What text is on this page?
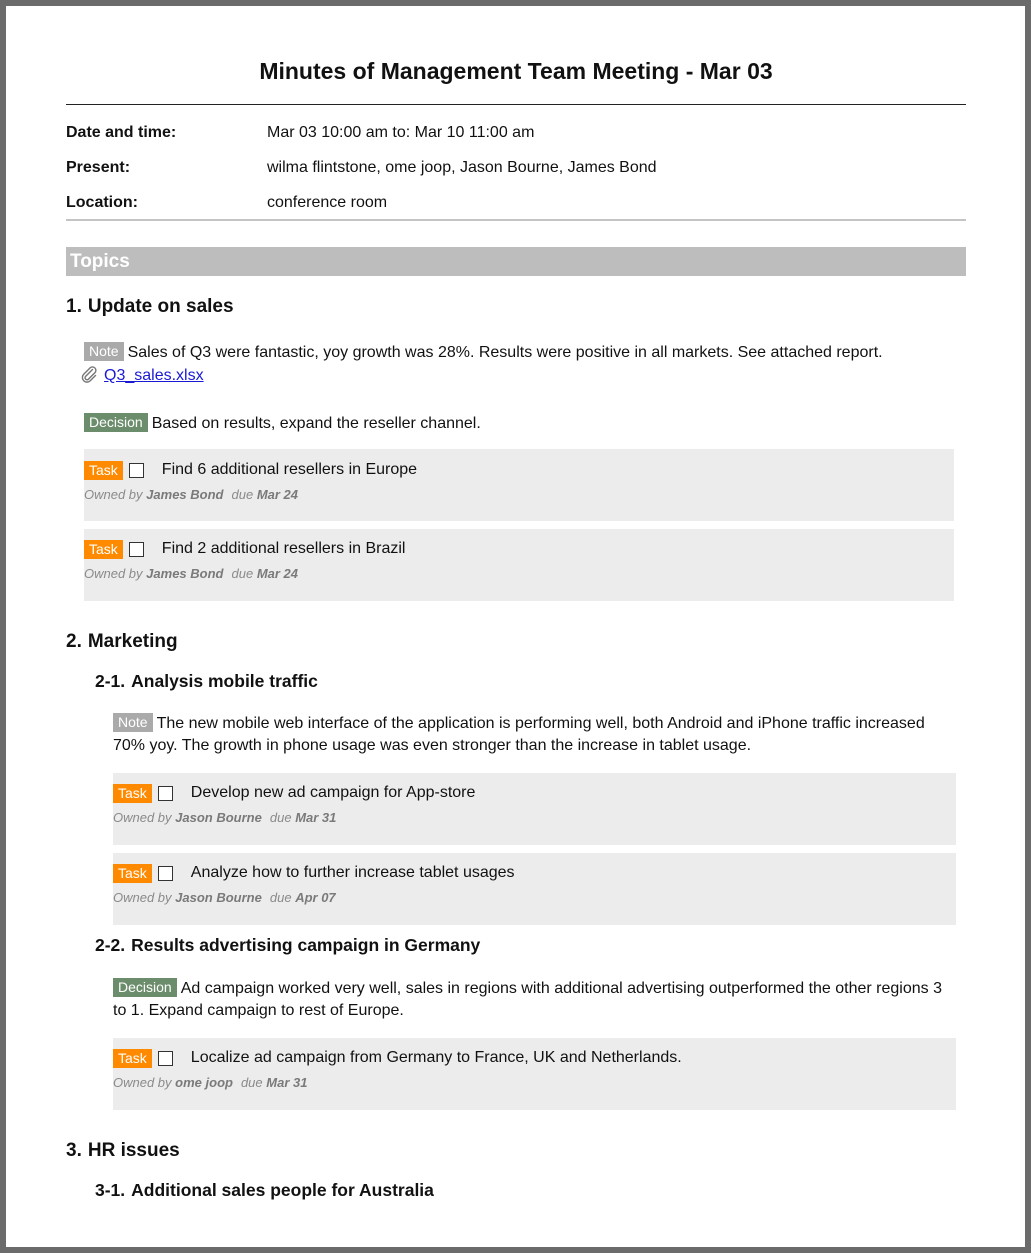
Minutes of Management Team Meeting - Mar 03
Date and time:	Mar 03 10:00 am to: Mar 10 11:00 am
Present:	wilma flintstone, ome joop, Jason Bourne, James Bond
Location:	conference room
Topics
1. Update on sales
Note Sales of Q3 were fantastic, yoy growth was 28%. Results were positive in all markets. See attached report.
Q3_sales.xlsx
Decision Based on results, expand the reseller channel.
Task	Find 6 additional resellers in Europe
Owned by James Bond due Mar 24
Task	Find 2 additional resellers in Brazil
Owned by James Bond due Mar 24
2. Marketing
2-1. Analysis mobile traffic
Note The new mobile web interface of the application is performing well, both Android and iPhone traffic increased 70% yoy. The growth in phone usage was even stronger than the increase in tablet usage.
Task	Develop new ad campaign for App-store
Owned by Jason Bourne due Mar 31
Task	Analyze how to further increase tablet usages
Owned by Jason Bourne due Apr 07
2-2. Results advertising campaign in Germany
Decision Ad campaign worked very well, sales in regions with additional advertising outperformed the other regions 3 to 1. Expand campaign to rest of Europe.
Task	Localize ad campaign from Germany to France, UK and Netherlands.
Owned by ome joop due Mar 31
3. HR issues
3-1. Additional sales people for Australia
